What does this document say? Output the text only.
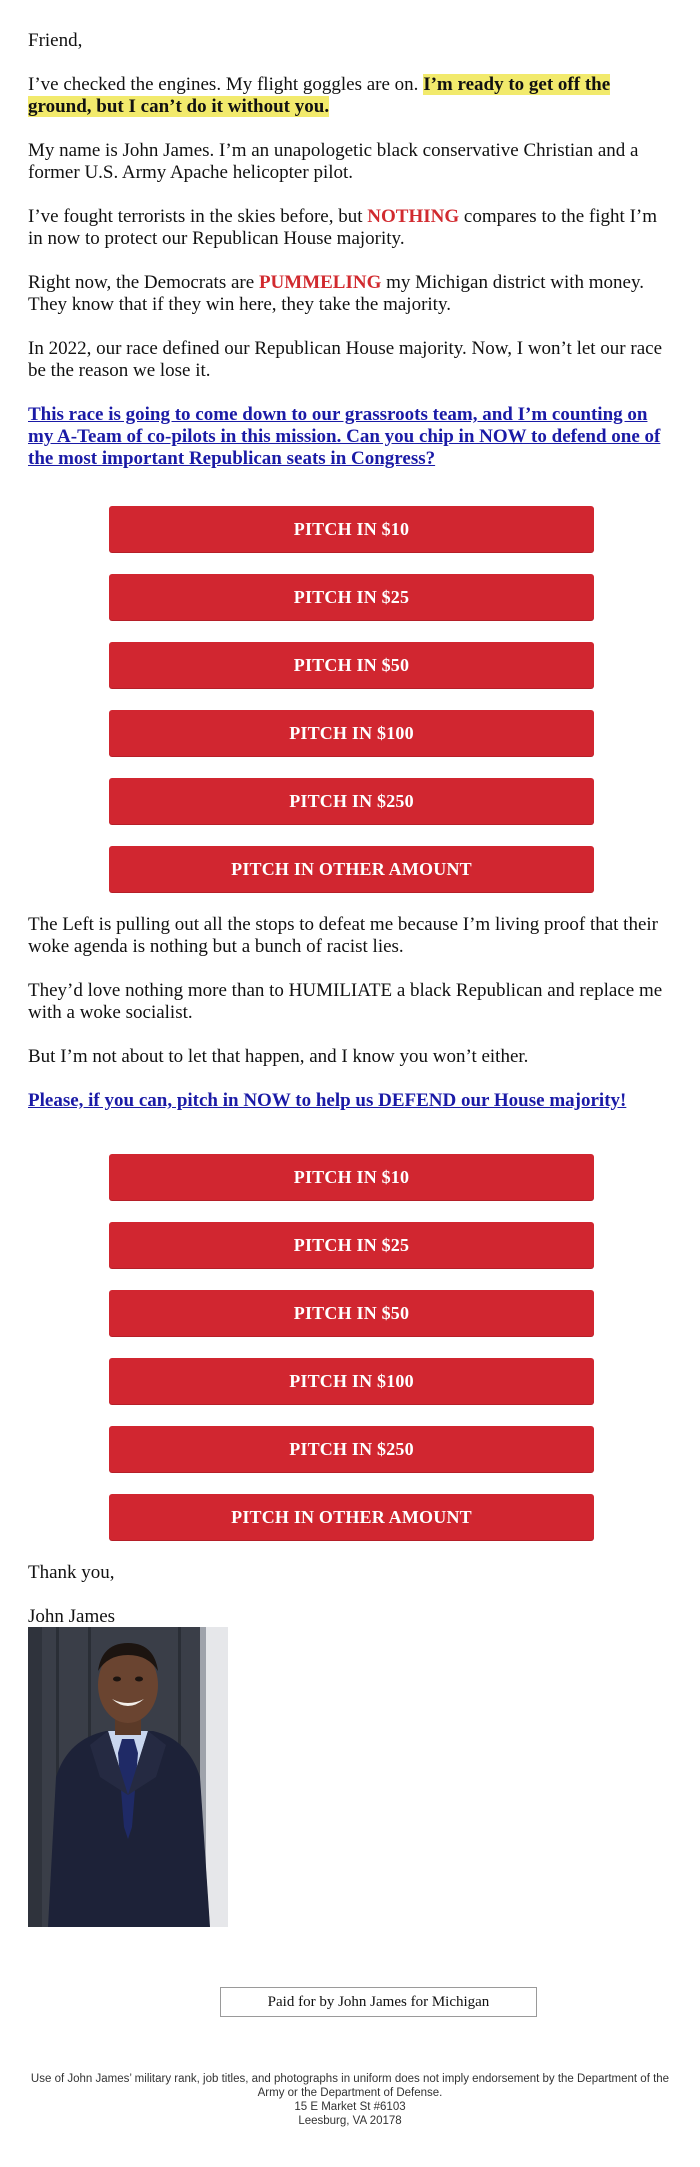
Friend,

I’ve checked the engines. My flight goggles are on. I’m ready to get off the ground, but I can’t do it without you.

My name is John James. I’m an unapologetic black conservative Christian and a former U.S. Army Apache helicopter pilot.

I’ve fought terrorists in the skies before, but NOTHING compares to the fight I’m in now to protect our Republican House majority.

Right now, the Democrats are PUMMELING my Michigan district with money. They know that if they win here, they take the majority.

In 2022, our race defined our Republican House majority. Now, I won’t let our race be the reason we lose it.

This race is going to come down to our grassroots team, and I’m counting on my A-Team of co-pilots in this mission. Can you chip in NOW to defend one of the most important Republican seats in Congress?

PITCH IN $10
PITCH IN $25
PITCH IN $50
PITCH IN $100
PITCH IN $250
PITCH IN OTHER AMOUNT

The Left is pulling out all the stops to defeat me because I’m living proof that their woke agenda is nothing but a bunch of racist lies.

They’d love nothing more than to HUMILIATE a black Republican and replace me with a woke socialist.

But I’m not about to let that happen, and I know you won’t either.

Please, if you can, pitch in NOW to help us DEFEND our House majority!

PITCH IN $10
PITCH IN $25
PITCH IN $50
PITCH IN $100
PITCH IN $250
PITCH IN OTHER AMOUNT

Thank you,

John James

Paid for by John James for Michigan
Use of John James’ military rank, job titles, and photographs in uniform does not imply endorsement by the Department of the Army or the Department of Defense.
15 E Market St #6103
Leesburg, VA 20178
